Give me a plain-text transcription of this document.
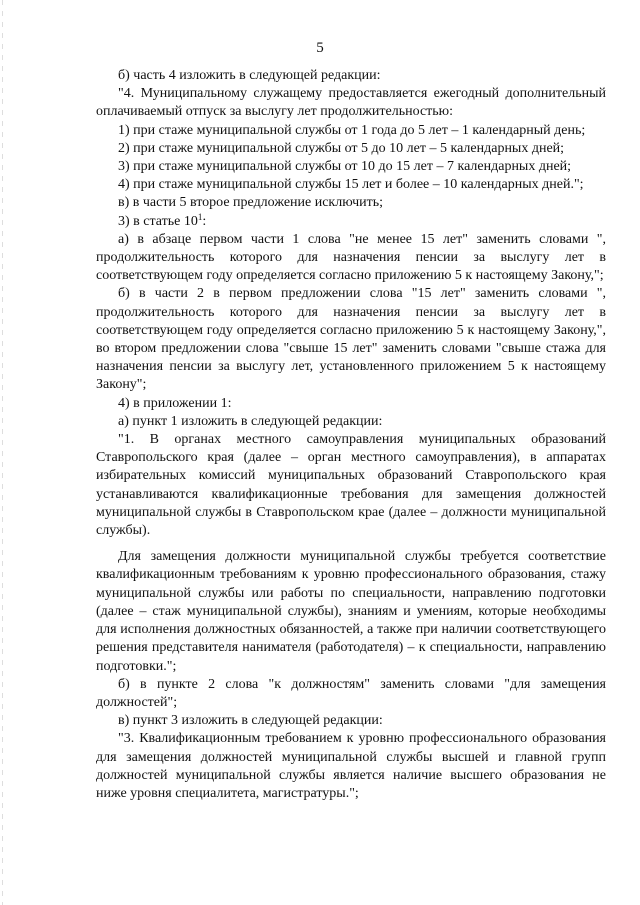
5

б) часть 4 изложить в следующей редакции:

"4. Муниципальному служащему предоставляется ежегодный дополнительный оплачиваемый отпуск за выслугу лет продолжительностью:

1) при стаже муниципальной службы от 1 года до 5 лет – 1 календарный день;

2) при стаже муниципальной службы от 5 до 10 лет – 5 календарных дней;

3) при стаже муниципальной службы от 10 до 15 лет – 7 календарных дней;

4) при стаже муниципальной службы 15 лет и более – 10 календарных дней.";

в) в части 5 второе предложение исключить;

3) в статье $10^1$:

а) в абзаце первом части 1 слова "не менее 15 лет" заменить словами ", продолжительность которого для назначения пенсии за выслугу лет в соответствующем году определяется согласно приложению 5 к настоящему Закону,";

б) в части 2 в первом предложении слова "15 лет" заменить словами ", продолжительность которого для назначения пенсии за выслугу лет в соответствующем году определяется согласно приложению 5 к настоящему Закону,", во втором предложении слова "свыше 15 лет" заменить словами "свыше стажа для назначения пенсии за выслугу лет, установленного приложением 5 к настоящему Закону";

4) в приложении 1:

а) пункт 1 изложить в следующей редакции:

"1. В органах местного самоуправления муниципальных образований Ставропольского края (далее – орган местного самоуправления), в аппаратах избирательных комиссий муниципальных образований Ставропольского края устанавливаются квалификационные требования для замещения должностей муниципальной службы в Ставропольском крае (далее – должности муниципальной службы).

Для замещения должности муниципальной службы требуется соответствие квалификационным требованиям к уровню профессионального образования, стажу муниципальной службы или работы по специальности, направлению подготовки (далее – стаж муниципальной службы), знаниям и умениям, которые необходимы для исполнения должностных обязанностей, а также при наличии соответствующего решения представителя нанимателя (работодателя) – к специальности, направлению подготовки.";

б) в пункте 2 слова "к должностям" заменить словами "для замещения должностей";

в) пункт 3 изложить в следующей редакции:

"3. Квалификационным требованием к уровню профессионального образования для замещения должностей муниципальной службы высшей и главной групп должностей муниципальной службы является наличие высшего образования не ниже уровня специалитета, магистратуры.";
